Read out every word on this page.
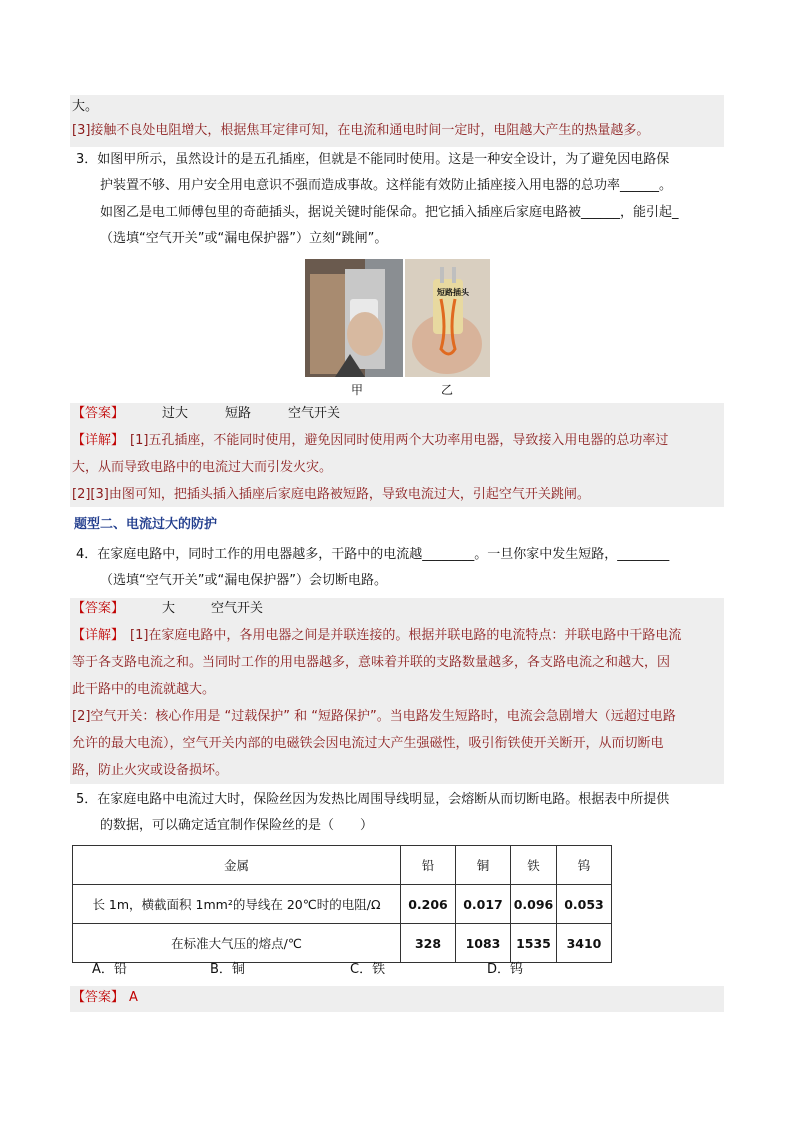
大。
[3]接触不良处电阻增大，根据焦耳定律可知，在电流和通电时间一定时，电阻越大产生的热量越多。
3．如图甲所示，虽然设计的是五孔插座，但就是不能同时使用。这是一种安全设计，为了避免因电路保
护装置不够、用户安全用电意识不强而造成事故。这样能有效防止插座接入用电器的总功率______。
如图乙是电工师傅包里的奇葩插头，据说关键时能保命。把它插入插座后家庭电路被______，能引起_
（选填“空气开关”或“漏电保护器”）立刻“跳闸”。
短路插头
甲	乙
【答案】	过大	短路	空气开关
【详解】 [1]五孔插座，不能同时使用，避免因同时使用两个大功率用电器，导致接入用电器的总功率过
大，从而导致电路中的电流过大而引发火灾。
[2][3]由图可知，把插头插入插座后家庭电路被短路，导致电流过大，引起空气开关跳闸。
题型二、电流过大的防护
4．在家庭电路中，同时工作的用电器越多，干路中的电流越________。一旦你家中发生短路，________
（选填“空气开关”或“漏电保护器”）会切断电路。
【答案】	大	空气开关
【详解】 [1]在家庭电路中，各用电器之间是并联连接的。根据并联电路的电流特点：并联电路中干路电流
等于各支路电流之和。当同时工作的用电器越多，意味着并联的支路数量越多，各支路电流之和越大，因
此干路中的电流就越大。
[2]空气开关：核心作用是 “过载保护” 和 “短路保护”。当电路发生短路时，电流会急剧增大（远超过电路
允许的最大电流），空气开关内部的电磁铁会因电流过大产生强磁性，吸引衔铁使开关断开，从而切断电
路，防止火灾或设备损坏。
5．在家庭电路中电流过大时，保险丝因为发热比周围导线明显，会熔断从而切断电路。根据表中所提供
的数据，可以确定适宜制作保险丝的是（　　）
金属	铅	铜	铁	钨
长 1m，横截面积 1mm²的导线在 20℃时的电阻/Ω	0.206	0.017	0.096	0.053
在标准大气压的熔点/℃	328	1083	1535	3410
A．铅	B．铜	C．铁	D．钨
【答案】 A
